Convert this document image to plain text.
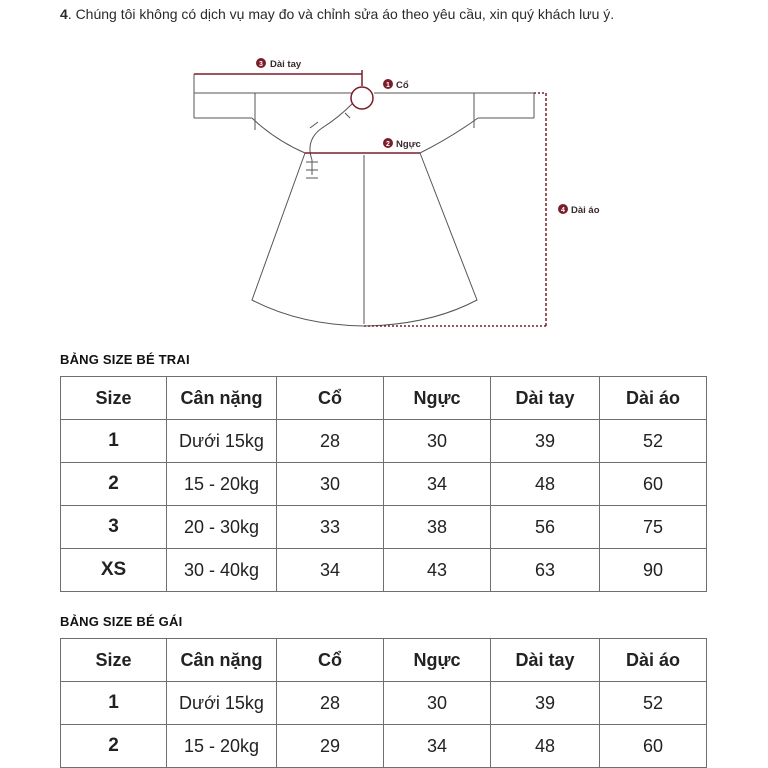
4. Chúng tôi không có dịch vụ may đo và chỉnh sửa áo theo yêu cầu, xin quý khách lưu ý.
3 Dài tay
1 Cổ
2 Ngực
4 Dài áo
BẢNG SIZE BÉ TRAI
Size	Cân nặng	Cổ	Ngực	Dài tay	Dài áo
1	Dưới 15kg	28	30	39	52
2	15 - 20kg	30	34	48	60
3	20 - 30kg	33	38	56	75
XS	30 - 40kg	34	43	63	90
BẢNG SIZE BÉ GÁI
Size	Cân nặng	Cổ	Ngực	Dài tay	Dài áo
1	Dưới 15kg	28	30	39	52
2	15 - 20kg	29	34	48	60
